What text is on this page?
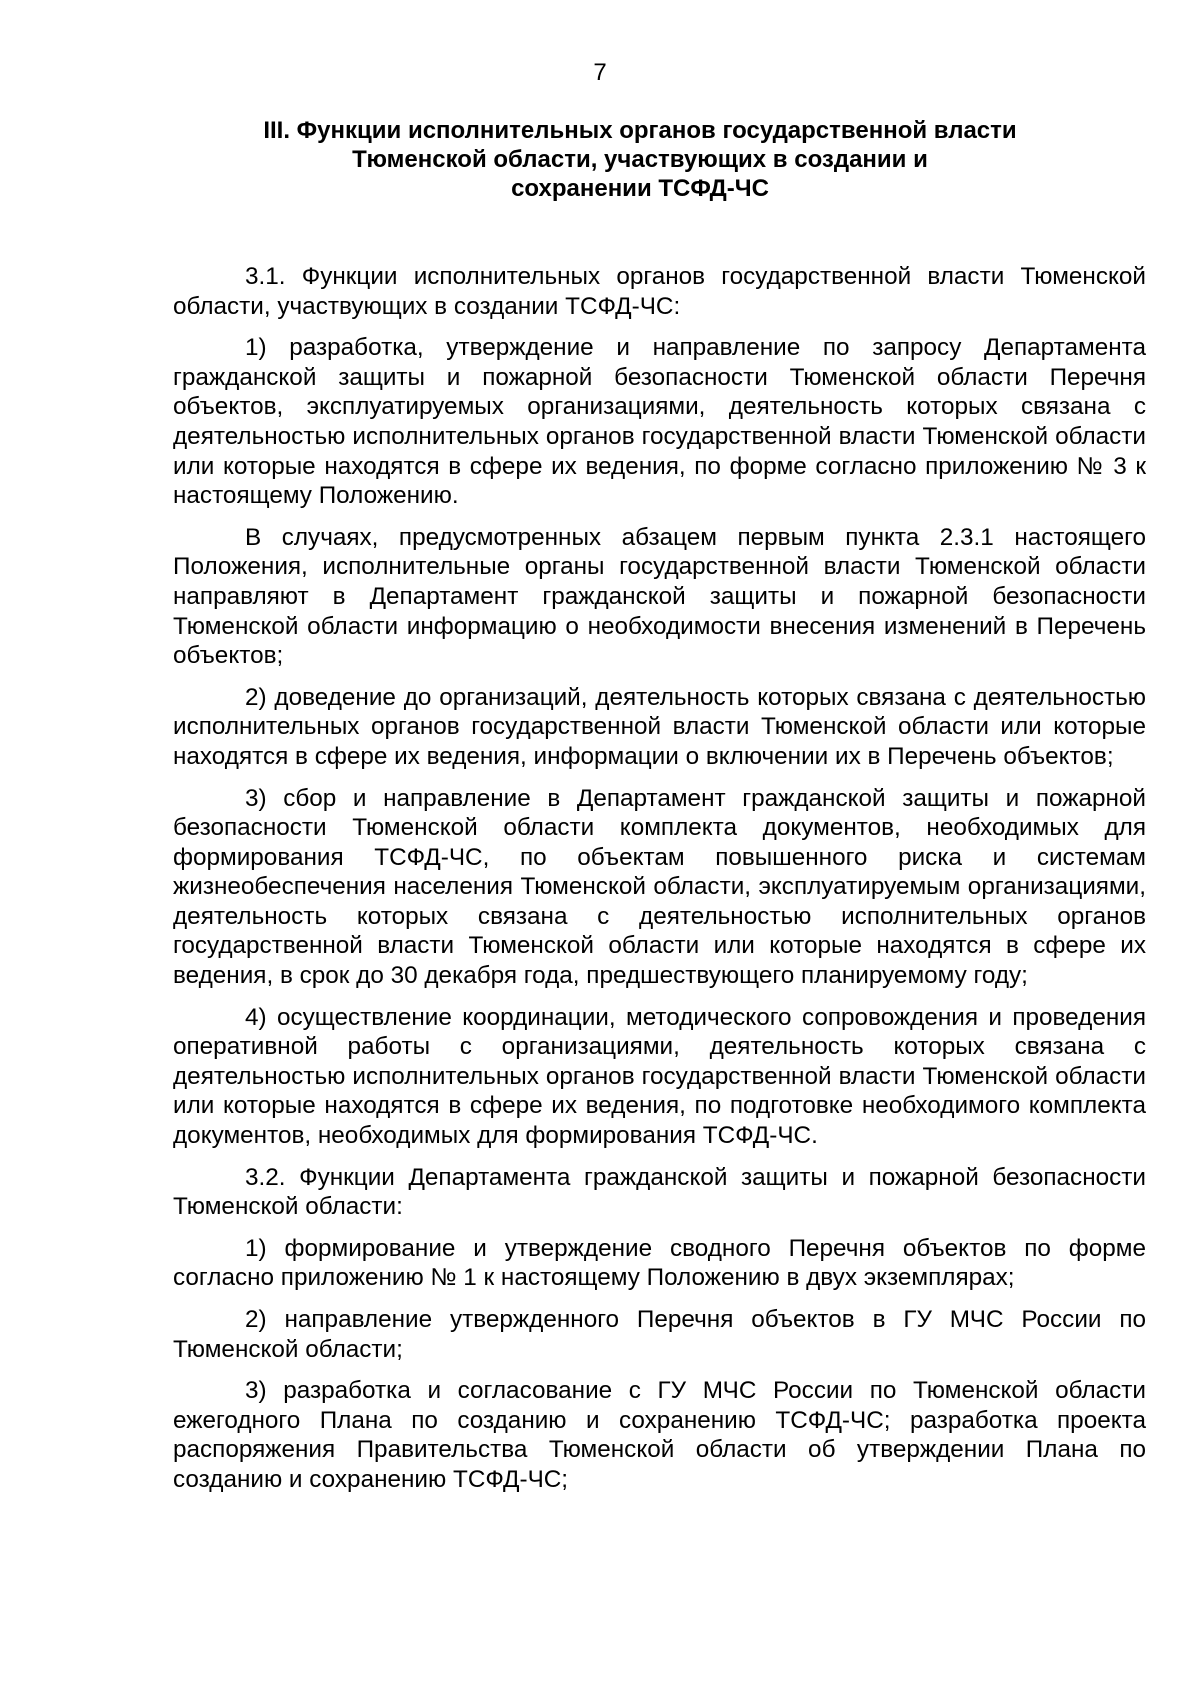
7
III. Функции исполнительных органов государственной власти
Тюменской области, участвующих в создании и
сохранении ТСФД-ЧС

3.1. Функции исполнительных органов государственной власти Тюменской области, участвующих в создании ТСФД-ЧС:

1) разработка, утверждение и направление по запросу Департамента гражданской защиты и пожарной безопасности Тюменской области Перечня объектов, эксплуатируемых организациями, деятельность которых связана с деятельностью исполнительных органов государственной власти Тюменской области или которые находятся в сфере их ведения, по форме согласно приложению № 3 к настоящему Положению.

В случаях, предусмотренных абзацем первым пункта 2.3.1 настоящего Положения, исполнительные органы государственной власти Тюменской области направляют в Департамент гражданской защиты и пожарной безопасности Тюменской области информацию о необходимости внесения изменений в Перечень объектов;

2) доведение до организаций, деятельность которых связана с деятельностью исполнительных органов государственной власти Тюменской области или которые находятся в сфере их ведения, информации о включении их в Перечень объектов;

3) сбор и направление в Департамент гражданской защиты и пожарной безопасности Тюменской области комплекта документов, необходимых для формирования ТСФД-ЧС, по объектам повышенного риска и системам жизнеобеспечения населения Тюменской области, эксплуатируемым организациями, деятельность которых связана с деятельностью исполнительных органов государственной власти Тюменской области или которые находятся в сфере их ведения, в срок до 30 декабря года, предшествующего планируемому году;

4) осуществление координации, методического сопровождения и проведения оперативной работы с организациями, деятельность которых связана с деятельностью исполнительных органов государственной власти Тюменской области или которые находятся в сфере их ведения, по подготовке необходимого комплекта документов, необходимых для формирования ТСФД-ЧС.

3.2. Функции Департамента гражданской защиты и пожарной безопасности Тюменской области:

1) формирование и утверждение сводного Перечня объектов по форме согласно приложению № 1 к настоящему Положению в двух экземплярах;

2) направление утвержденного Перечня объектов в ГУ МЧС России по Тюменской области;

3) разработка и согласование с ГУ МЧС России по Тюменской области ежегодного Плана по созданию и сохранению ТСФД-ЧС; разработка проекта распоряжения Правительства Тюменской области об утверждении Плана по созданию и сохранению ТСФД-ЧС;
